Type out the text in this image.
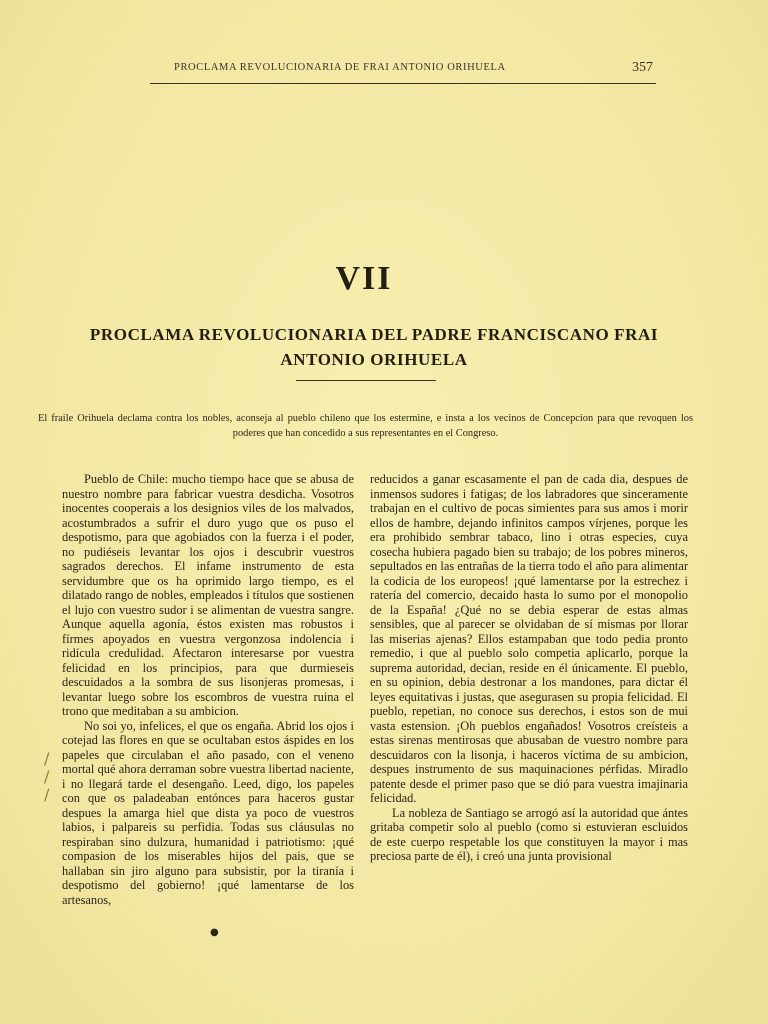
PROCLAMA REVOLUCIONARIA DE FRAI ANTONIO ORIHUELA	357
VII
PROCLAMA REVOLUCIONARIA DEL PADRE FRANCISCANO FRAI ANTONIO ORIHUELA
El fraile Orihuela declama contra los nobles, aconseja al pueblo chileno que los estermine, e insta a los vecinos de Concepcion para que revoquen los poderes que han concedido a sus representantes en el Congreso.

Pueblo de Chile: mucho tiempo hace que se abusa de nuestro nombre para fabricar vuestra desdicha. Vosotros inocentes cooperais a los designios viles de los malvados, acostumbrados a sufrir el duro yugo que os puso el despotismo, para que agobiados con la fuerza i el poder, no pudiéseis levantar los ojos i descubrir vuestros sagrados derechos. El infame instrumento de esta servidumbre que os ha oprimido largo tiempo, es el dilatado rango de nobles, empleados i títulos que sostienen el lujo con vuestro sudor i se alimentan de vuestra sangre. Aunque aquella agonía, éstos existen mas robustos i fírmes apoyados en vuestra vergonzosa indolencia i ridícula credulidad. Afectaron interesarse por vuestra felicidad en los principios, para que durmieseis descuidados a la sombra de sus lisonjeras promesas, i levantar luego sobre los escombros de vuestra ruina el trono que meditaban a su ambicion.

No soi yo, infelices, el que os engaña. Abrid los ojos i cotejad las flores en que se ocultaban estos áspides en los papeles que circulaban el año pasado, con el veneno mortal qué ahora derraman sobre vuestra libertad naciente, i no llegará tarde el desengaño. Leed, digo, los papeles con que os paladeaban entónces para haceros gustar despues la amarga hiel que dista ya poco de vuestros labios, i palpareis su perfidia. Todas sus cláusulas no respiraban sino dulzura, humanidad i patriotismo: ¡qué compasion de los miserables hijos del pais, que se hallaban sin jiro alguno para subsistir, por la tiranía i despotismo del gobierno! ¡qué lamentarse de los artesanos,

reducidos a ganar escasamente el pan de cada dia, despues de inmensos sudores i fatigas; de los labradores que sinceramente trabajan en el cultivo de pocas simientes para sus amos i morir ellos de hambre, dejando infinitos campos vírjenes, porque les era prohibido sembrar tabaco, lino i otras especies, cuya cosecha hubiera pagado bien su trabajo; de los pobres mineros, sepultados en las entrañas de la tierra todo el año para alimentar la codicia de los europeos! ¡qué lamentarse por la estrechez i ratería del comercio, decaido hasta lo sumo por el monopolio de la España! ¿Qué no se debia esperar de estas almas sensibles, que al parecer se olvidaban de sí mismas por llorar las miserias ajenas? Ellos estampaban que todo pedia pronto remedio, i que al pueblo solo competia aplicarlo, porque la suprema autoridad, decian, reside en él únicamente. El pueblo, en su opinion, debia destronar a los mandones, para dictar él leyes equitativas i justas, que asegurasen su propia felicidad. El pueblo, repetian, no conoce sus derechos, i estos son de mui vasta estension. ¡Oh pueblos engañados! Vosotros creísteis a estas sirenas mentirosas que abusaban de vuestro nombre para descuidaros con la lisonja, i haceros víctima de su ambicion, despues instrumento de sus maquinaciones pérfidas. Miradlo patente desde el primer paso que se dió para vuestra imajinaria felicidad.

La nobleza de Santiago se arrogó así la autoridad que ántes gritaba competir solo al pueblo (como si estuvieran escluidos de este cuerpo respetable los que constituyen la mayor i mas preciosa parte de él), i creó una junta provisional

●
/
/
/
